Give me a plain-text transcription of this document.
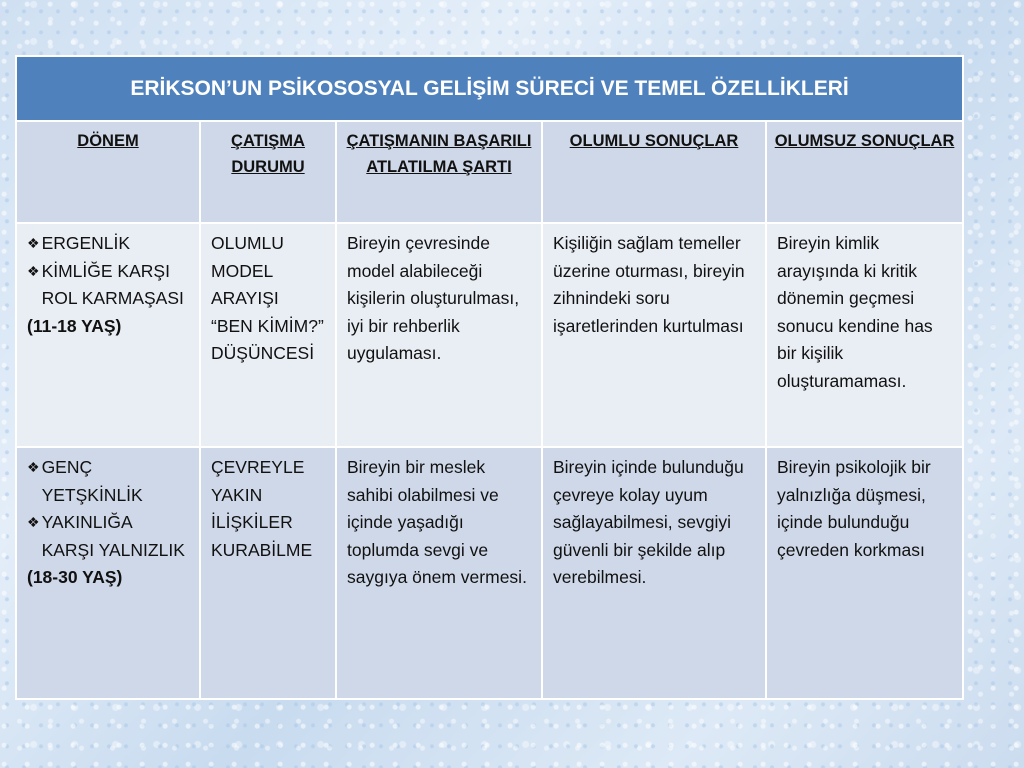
ERİKSON’UN PSİKOSOSYAL GELİŞİM SÜRECİ VE TEMEL ÖZELLİKLERİ				
DÖNEM	ÇATIŞMA DURUMU	ÇATIŞMANIN BAŞARILI ATLATILMA ŞARTI	OLUMLU SONUÇLAR	OLUMSUZ SONUÇLAR

❖ ERGENLİK
❖ KİMLİĞE KARŞI ROL KARMAŞASI
(11-18 YAŞ)	OLUMLU MODEL ARAYIŞI “BEN KİMİM?” DÜŞÜNCESİ	Bireyin çevresinde model alabileceği kişilerin oluşturulması, iyi bir rehberlik uygulaması.	Kişiliğin sağlam temeller üzerine oturması, bireyin zihnindeki soru işaretlerinden kurtulması	Bireyin kimlik arayışında ki kritik dönemin geçmesi sonucu kendine has bir kişilik oluşturamaması.

❖ GENÇ YETŞKİNLİK
❖ YAKINLIĞA KARŞI YALNIZLIK
(18-30 YAŞ)	ÇEVREYLE YAKIN İLİŞKİLER KURABİLME	Bireyin bir meslek sahibi olabilmesi ve içinde yaşadığı toplumda sevgi ve saygıya önem vermesi.	Bireyin içinde bulunduğu çevreye kolay uyum sağlayabilmesi, sevgiyi güvenli bir şekilde alıp verebilmesi.	Bireyin psikolojik bir yalnızlığa düşmesi, içinde bulunduğu çevreden korkması
